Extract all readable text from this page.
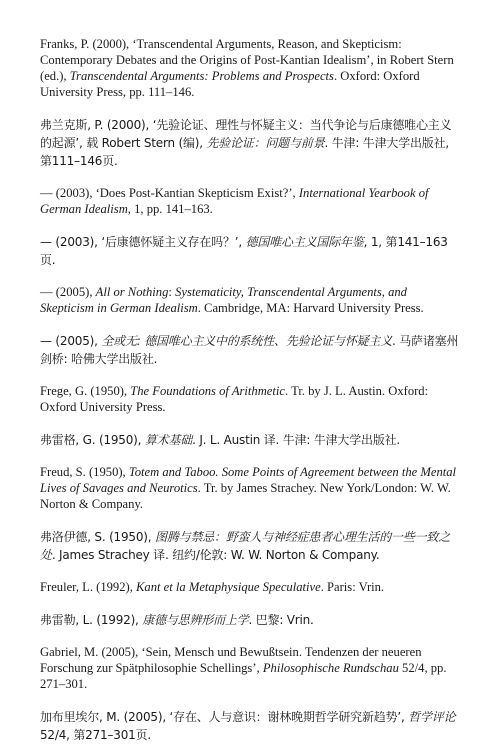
Franks, P. (2000), ‘Transcendental Arguments, Reason, and Skepticism: Contemporary Debates and the Origins of Post-Kantian Idealism’, in Robert Stern (ed.), Transcendental Arguments: Problems and Prospects. Oxford: Oxford University Press, pp. 111–146.
弗兰克斯, P. (2000), ‘先验论证、理性与怀疑主义：当代争论与后康德唯心主义的起源’, 载 Robert Stern (编), 先验论证：问题与前景. 牛津: 牛津大学出版社, 第111–146页.
— (2003), ‘Does Post-Kantian Skepticism Exist?’, International Yearbook of German Idealism, 1, pp. 141–163.
— (2003), ‘后康德怀疑主义存在吗？’, 德国唯心主义国际年鉴, 1, 第141–163页.
— (2005), All or Nothing: Systematicity, Transcendental Arguments, and Skepticism in German Idealism. Cambridge, MA: Harvard University Press.
— (2005), 全或无: 德国唯心主义中的系统性、先验论证与怀疑主义. 马萨诸塞州剑桥: 哈佛大学出版社.
Frege, G. (1950), The Foundations of Arithmetic. Tr. by J. L. Austin. Oxford: Oxford University Press.
弗雷格, G. (1950), 算术基础. J. L. Austin 译. 牛津: 牛津大学出版社.
Freud, S. (1950), Totem and Taboo. Some Points of Agreement between the Mental Lives of Savages and Neurotics. Tr. by James Strachey. New York/London: W. W. Norton & Company.
弗洛伊德, S. (1950), 图腾与禁忌：野蛮人与神经症患者心理生活的一些一致之处. James Strachey 译. 纽约/伦敦: W. W. Norton & Company.
Freuler, L. (1992), Kant et la Metaphysique Speculative. Paris: Vrin.
弗雷勒, L. (1992), 康德与思辨形而上学. 巴黎: Vrin.
Gabriel, M. (2005), ‘Sein, Mensch und Bewußtsein. Tendenzen der neueren Forschung zur Spätphilosophie Schellings’, Philosophische Rundschau 52/4, pp. 271–301.
加布里埃尔, M. (2005), ‘存在、人与意识：谢林晚期哲学研究新趋势’, 哲学评论 52/4, 第271–301页.
